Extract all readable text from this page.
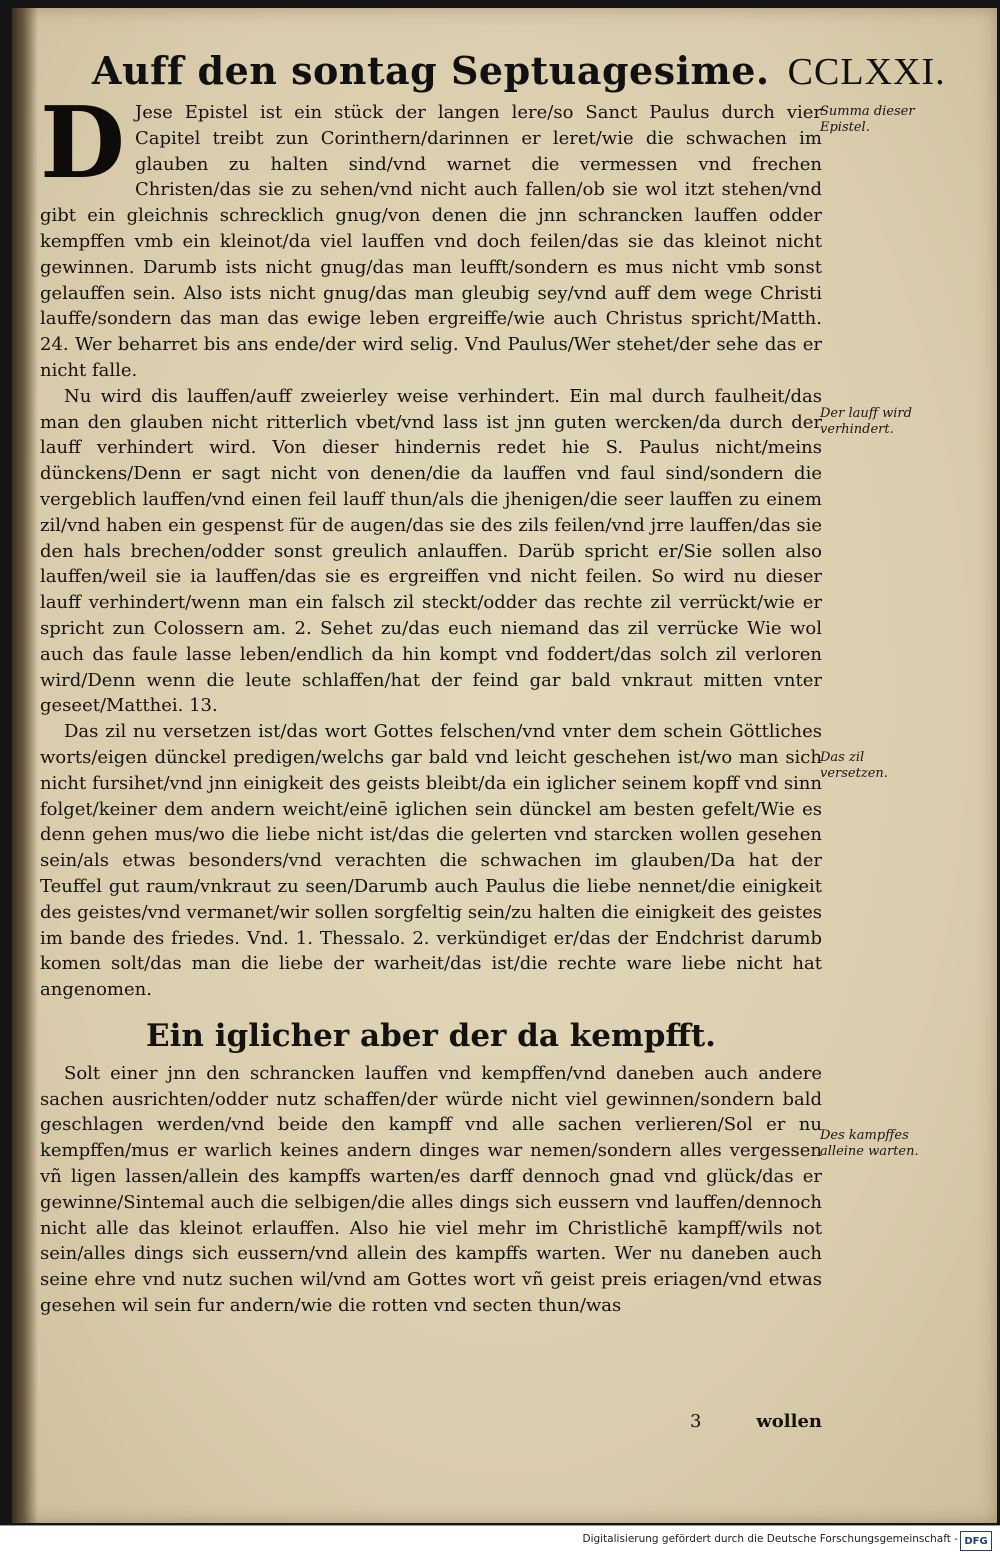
Auff den sontag Septuagesime. CCLXXI.

D Jese Epistel ist ein stück der langen lere/so Sanct Paulus durch vier Capitel treibt zun Corinthern/darinnen er leret/wie die schwachen im glauben zu halten sind/vnd warnet die vermessen vnd frechen Christen/das sie zu sehen/vnd nicht auch fallen/ob sie wol itzt stehen/vnd gibt ein gleichnis schrecklich gnug/von denen die jnn schrancken lauffen odder kempffen vmb ein kleinot/da viel lauffen vnd doch feilen/das sie das kleinot nicht gewinnen. Darumb ists nicht gnug/das man leufft/sondern es mus nicht vmb sonst gelauffen sein. Also ists nicht gnug/das man gleubig sey/vnd auff dem wege Christi lauffe/sondern das man das ewige leben ergreiffe/wie auch Christus spricht/Matth. 24. Wer beharret bis ans ende/der wird selig. Vnd Paulus/Wer stehet/der sehe das er nicht falle.

Nu wird dis lauffen/auff zweierley weise verhindert. Ein mal durch faulheit/das man den glauben nicht ritterlich vbet/vnd lass ist jnn guten wercken/da durch der lauff verhindert wird. Von dieser hindernis redet hie S. Paulus nicht/meins dünckens/Denn er sagt nicht von denen/die da lauffen vnd faul sind/sondern die vergeblich lauffen/vnd einen feil lauff thun/als die jhenigen/die seer lauffen zu einem zil/vnd haben ein gespenst für de augen/das sie des zils feilen/vnd jrre lauffen/das sie den hals brechen/odder sonst greulich anlauffen. Darüb spricht er/Sie sollen also lauffen/weil sie ia lauffen/das sie es ergreiffen vnd nicht feilen. So wird nu dieser lauff verhindert/wenn man ein falsch zil steckt/odder das rechte zil verrückt/wie er spricht zun Colossern am. 2. Sehet zu/das euch niemand das zil verrücke Wie wol auch das faule lasse leben/endlich da hin kompt vnd foddert/das solch zil verloren wird/Denn wenn die leute schlaffen/hat der feind gar bald vnkraut mitten vnter geseet/Matthei. 13.

Das zil nu versetzen ist/das wort Gottes felschen/vnd vnter dem schein Göttliches worts/eigen dünckel predigen/welchs gar bald vnd leicht geschehen ist/wo man sich nicht fursihet/vnd jnn einigkeit des geists bleibt/da ein iglicher seinem kopff vnd sinn folget/keiner dem andern weicht/einē iglichen sein dünckel am besten gefelt/Wie es denn gehen mus/wo die liebe nicht ist/das die gelerten vnd starcken wollen gesehen sein/als etwas besonders/vnd verachten die schwachen im glauben/Da hat der Teuffel gut raum/vnkraut zu seen/Darumb auch Paulus die liebe nennet/die einigkeit des geistes/vnd vermanet/wir sollen sorgfeltig sein/zu halten die einigkeit des geistes im bande des friedes. Vnd. 1. Thessalo. 2. verkündiget er/das der Endchrist darumb komen solt/das man die liebe der warheit/das ist/die rechte ware liebe nicht hat angenomen.

Ein iglicher aber der da kempfft.

Solt einer jnn den schrancken lauffen vnd kempffen/vnd daneben auch andere sachen ausrichten/odder nutz schaffen/der würde nicht viel gewinnen/sondern bald geschlagen werden/vnd beide den kampff vnd alle sachen verlieren/Sol er nu kempffen/mus er warlich keines andern dinges war nemen/sondern alles vergessen vñ ligen lassen/allein des kampffs warten/es darff dennoch gnad vnd glück/das er gewinne/Sintemal auch die selbigen/die alles dings sich eussern vnd lauffen/dennoch nicht alle das kleinot erlauffen. Also hie viel mehr im Christlichē kampff/wils not sein/alles dings sich eussern/vnd allein des kampffs warten. Wer nu daneben auch seine ehre vnd nutz suchen wil/vnd am Gottes wort vñ geist preis eriagen/vnd etwas gesehen wil sein fur andern/wie die rotten vnd secten thun/was

Summa dieser Epistel.
Der lauff wird verhindert.
Das zil versetzen.
Des kampffes alleine warten.
3	wollen
Digitalisierung gefördert durch die Deutsche Forschungsgemeinschaft - DFG
